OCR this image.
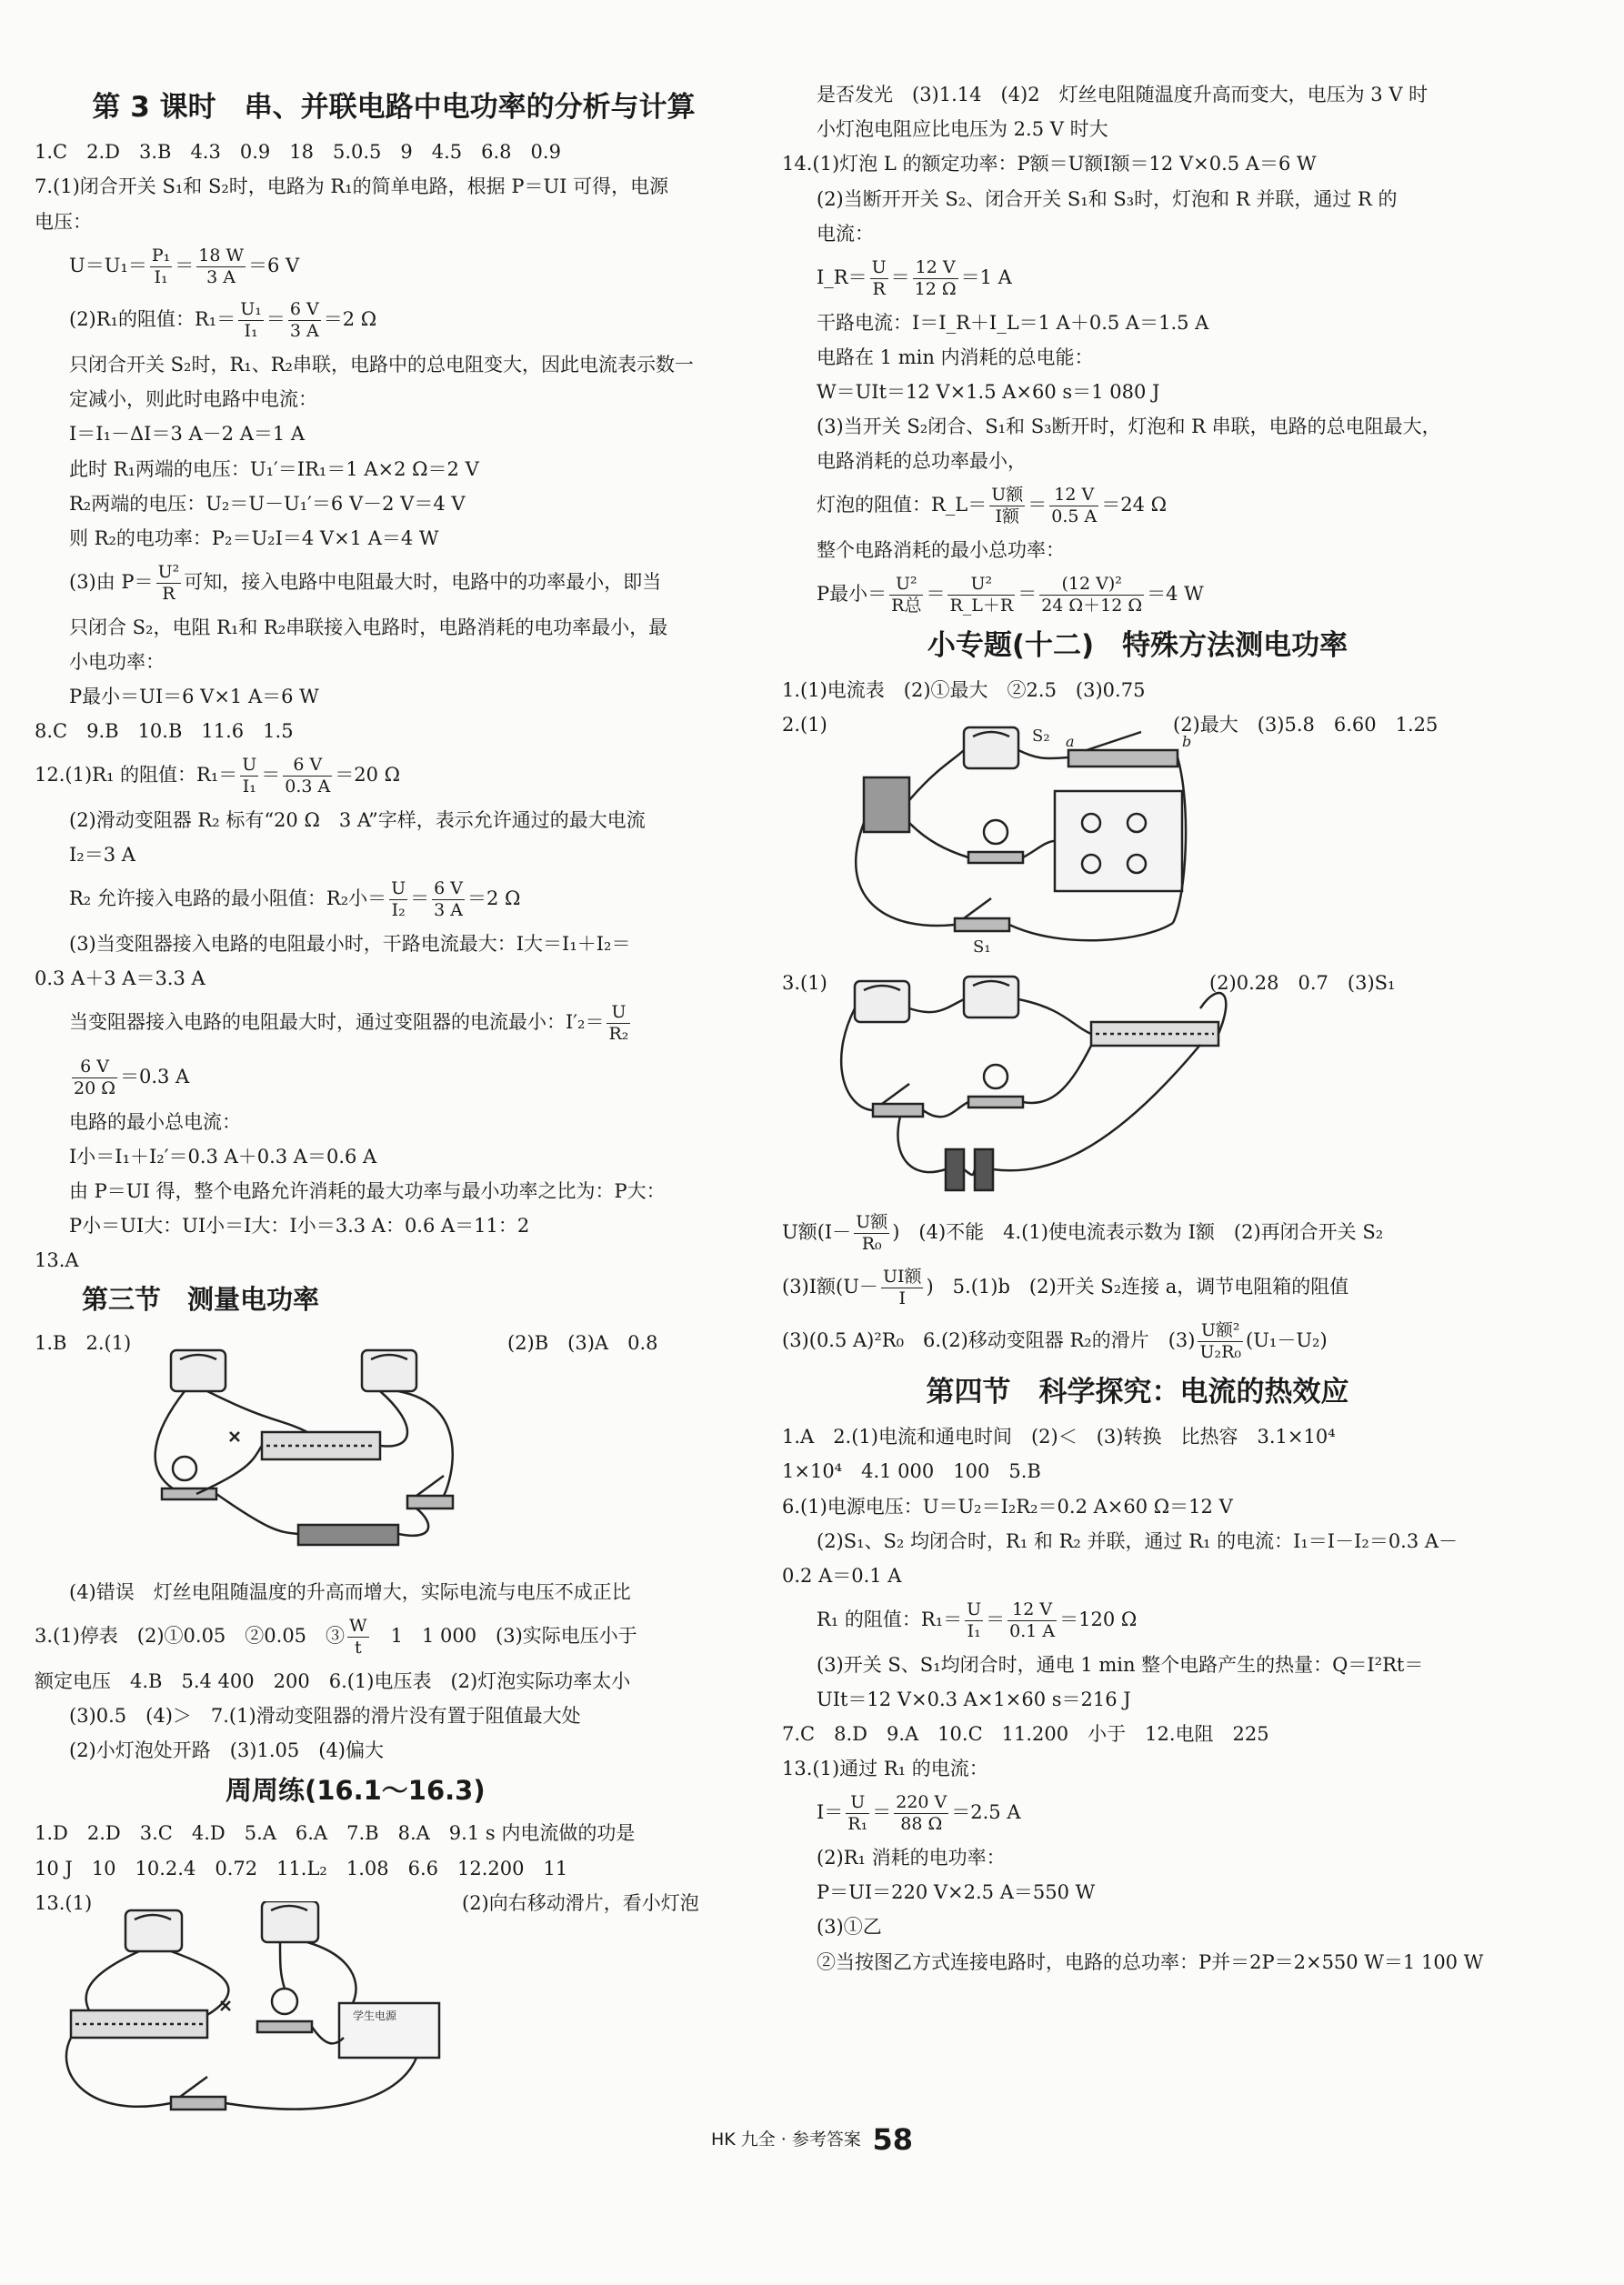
第 3 课时　串、并联电路中电功率的分析与计算
1.C　2.D　3.B　4.3　0.9　18　5.0.5　9　4.5　6.8　0.9
7.(1)闭合开关 S₁和 S₂时，电路为 R₁的简单电路，根据 P＝UI 可得，电源
电压：
$U=U_1= \frac{\text{P₁}}{\text{I₁}} = \frac{18 W}{3 A} =6$ V
(2)R₁的阻值：$R_1= \frac{\text{U₁}}{\text{I₁}} = \frac{6 V}{3 A} =2$ Ω
只闭合开关 S₂时，R₁、R₂串联，电路中的总电阻变大，因此电流表示数一
定减小，则此时电路中电流：
I＝I₁－ΔI＝3 A－2 A＝1 A
此时 R₁两端的电压：U₁′＝IR₁＝1 A×2 Ω＝2 V
R₂两端的电压：U₂＝U－U₁′＝6 V－2 V＝4 V
则 R₂的电功率：P₂＝U₂I＝4 V×1 A＝4 W
(3)由 $P= \frac{\text{U²}}{R}$ 可知，接入电路中电阻最大时，电路中的功率最小，即当
只闭合 S₂，电阻 R₁和 R₂串联接入电路时，电路消耗的电功率最小，最
小电功率：
P最小＝UI＝6 V×1 A＝6 W
8.C　9.B　10.B　11.6　1.5
12.(1)R₁ 的阻值：$R_1= \frac{U}{\text{I₁}} = \frac{6 V}{0.3 A} =20$ Ω
(2)滑动变阻器 R₂ 标有“20 Ω　3 A”字样，表示允许通过的最大电流
I₂＝3 A
R₂ 允许接入电路的最小阻值：R₂小＝ $\frac{U}{\text{I₂}} = \frac{6 V}{3 A} =2$ Ω
(3)当变阻器接入电路的电阻最小时，干路电流最大：I大＝I₁＋I₂＝
0.3 A＋3 A＝3.3 A
当变阻器接入电路的电阻最大时，通过变阻器的电流最小：$I'_2= \frac{U}{\text{R₂}}$
$\frac{6 V}{20 \Omega} =0.3$ A
电路的最小总电流：
I小＝I₁＋I₂′＝0.3 A＋0.3 A＝0.6 A
由 P＝UI 得，整个电路允许消耗的最大功率与最小功率之比为：P大：
P小＝UI大：UI小＝I大：I小＝3.3 A：0.6 A＝11：2
13.A
第三节　测量电功率
1.B　2.(1)	(2)B　(3)A　0.8
(4)错误　灯丝电阻随温度的升高而增大，实际电流与电压不成正比
3.(1)停表　(2)①0.05　②0.05　③ $\frac{W}{t}$ 　1　1 000　(3)实际电压小于
额定电压　4.B　5.4 400　200　6.(1)电压表　(2)灯泡实际功率太小
(3)0.5　(4)＞　7.(1)滑动变阻器的滑片没有置于阻值最大处
(2)小灯泡处开路　(3)1.05　(4)偏大
周周练(16.1～16.3)
1.D　2.D　3.C　4.D　5.A　6.A　7.B　8.A　9.1 s 内电流做的功是
10 J　10　10.2.4　0.72　11.L₂　1.08　6.6　12.200　11
13.(1)	(2)向右移动滑片，看小灯泡
学生电源
是否发光　(3)1.14　(4)2　灯丝电阻随温度升高而变大，电压为 3 V 时
小灯泡电阻应比电压为 2.5 V 时大
14.(1)灯泡 L 的额定功率：P额＝U额I额＝12 V×0.5 A＝6 W
(2)当断开开关 S₂、闭合开关 S₁和 S₃时，灯泡和 R 并联，通过 R 的
电流：
I_R＝ $\frac{U}{R} = \frac{12 V}{12 \Omega} =1$ A
干路电流：I＝I_R＋I_L＝1 A＋0.5 A＝1.5 A
电路在 1 min 内消耗的总电能：
W＝UIt＝12 V×1.5 A×60 s＝1 080 J
(3)当开关 S₂闭合、S₁和 S₃断开时，灯泡和 R 串联，电路的总电阻最大，
电路消耗的总功率最小，
灯泡的阻值：R_L＝ $\frac{\text{U额}}{\text{I额}} = \frac{12 V}{0.5 A} =24$ Ω
整个电路消耗的最小总功率：
P最小＝ $\frac{\text{U²}}{\text{R总}} = \frac{\text{U²}}{R\_L+R} = \frac{\text{(12 V)²}}{24 \Omega+12 \Omega} =4$ W
小专题(十二)　特殊方法测电功率
1.(1)电流表　(2)①最大　②2.5　(3)0.75
2.(1)	(2)最大　(3)5.8　6.60　1.25
S₂ a	b
S₁
3.(1)	(2)0.28　0.7　(3)S₁
U额($I- \frac{\text{U额}}{\text{R₀}}$ )　(4)不能　4.(1)使电流表示数为 I额　(2)再闭合开关 S₂
(3)I额($U- \frac{\text{UI额}}{I}$ )　5.(1)b　(2)开关 S₂连接 a，调节电阻箱的阻值
(3)(0.5 A)²R₀　6.(2)移动变阻器 R₂的滑片　$(3) \frac{\text{U额²}}{\text{U₂R₀}} (U_1-U_2)$
第四节　科学探究：电流的热效应
1.A　2.(1)电流和通电时间　(2)＜　(3)转换　比热容　3.1×10⁴
1×10⁴　4.1 000　100　5.B
6.(1)电源电压：U＝U₂＝I₂R₂＝0.2 A×60 Ω＝12 V
(2)S₁、S₂ 均闭合时，R₁ 和 R₂ 并联，通过 R₁ 的电流：I₁＝I－I₂＝0.3 A－
0.2 A＝0.1 A
R₁ 的阻值：$R_1= \frac{U}{\text{I₁}} = \frac{12 V}{0.1 A} =120$ Ω
(3)开关 S、S₁均闭合时，通电 1 min 整个电路产生的热量：Q＝I²Rt＝
UIt＝12 V×0.3 A×1×60 s＝216 J
7.C　8.D　9.A　10.C　11.200　小于　12.电阻　225
13.(1)通过 R₁ 的电流：
$I= \frac{U}{\text{R₁}} = \frac{220 V}{88 \Omega} =2.5$ A
(2)R₁ 消耗的电功率：
P＝UI＝220 V×2.5 A＝550 W
(3)①乙
②当按图乙方式连接电路时，电路的总功率：P并＝2P＝2×550 W＝1 100 W
HK 九全 · 参考答案 58
